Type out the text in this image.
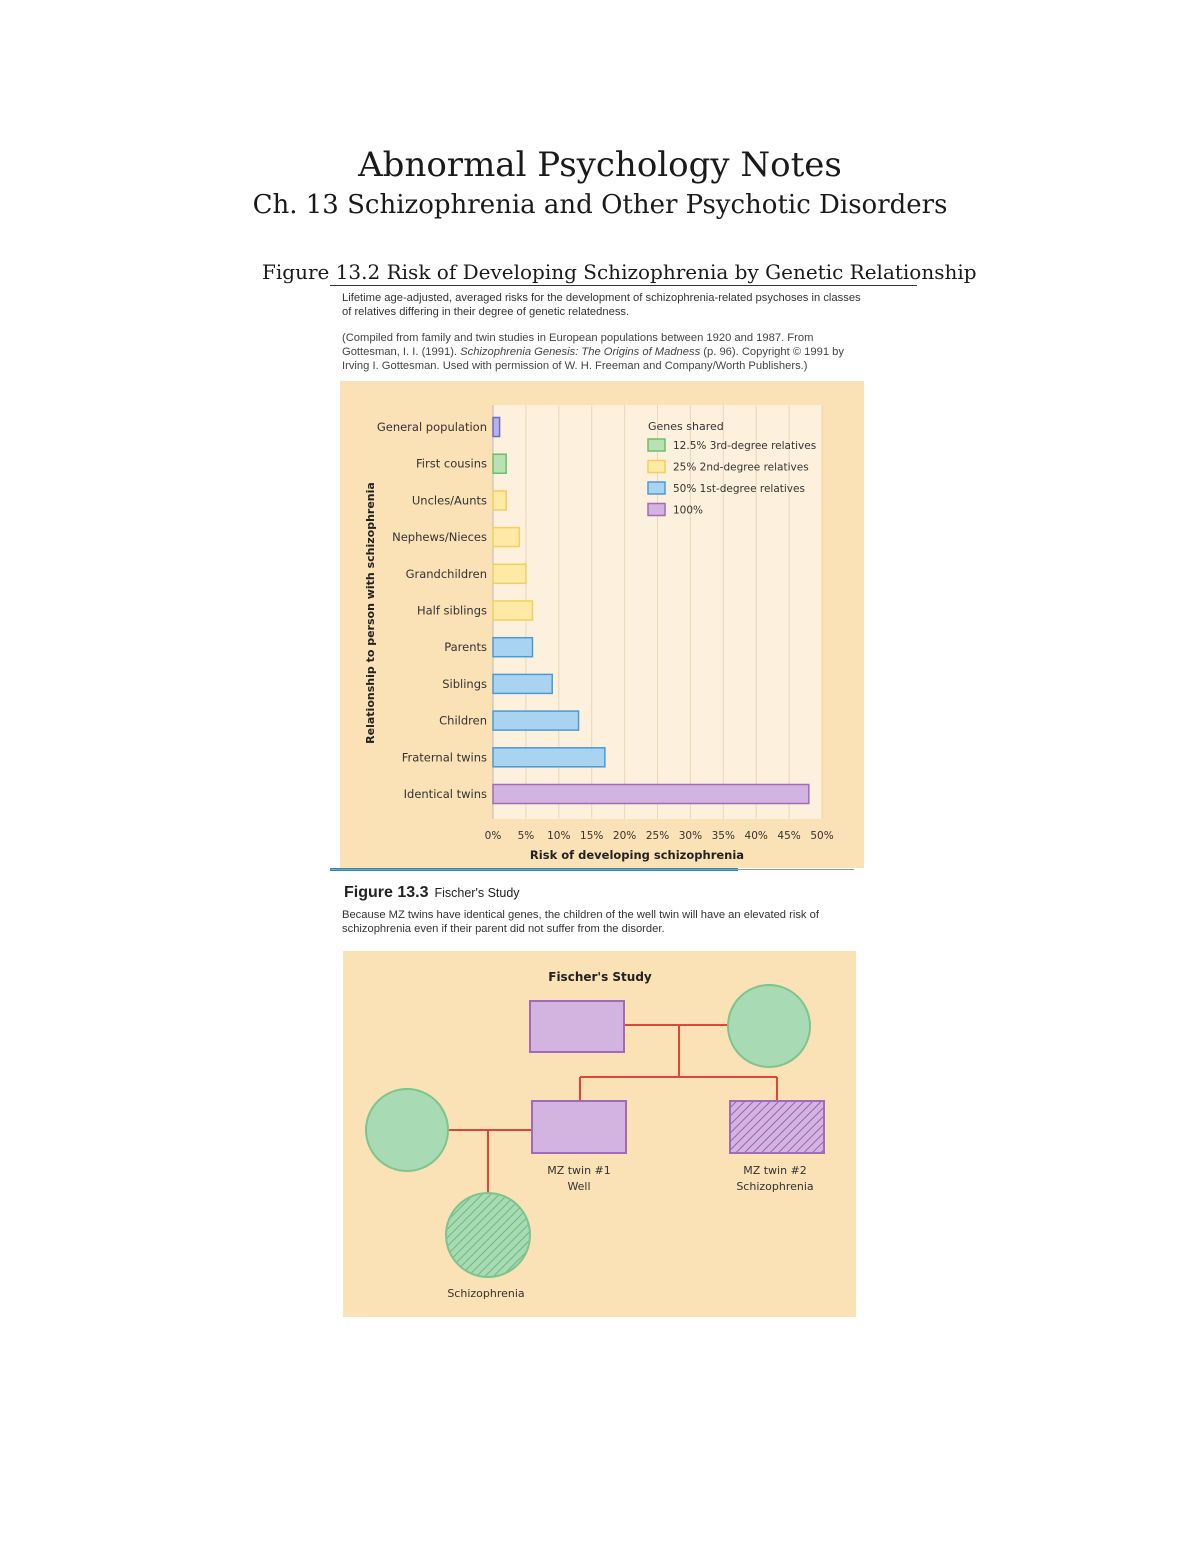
Abnormal Psychology Notes
Ch. 13 Schizophrenia and Other Psychotic Disorders
Figure 13.2 Risk of Developing Schizophrenia by Genetic Relationship
Lifetime age-adjusted, averaged risks for the development of schizophrenia-related psychoses in classes of relatives differing in their degree of genetic relatedness.
(Compiled from family and twin studies in European populations between 1920 and 1987. From Gottesman, I. I. (1991). Schizophrenia Genesis: The Origins of Madness (p. 96). Copyright © 1991 by Irving I. Gottesman. Used with permission of W. H. Freeman and Company/Worth Publishers.)
General population
First cousins
Uncles/Aunts
Nephews/Nieces
Grandchildren
Half siblings
Parents
Siblings
Children
Fraternal twins
Identical twins
0% 5% 10% 15% 20% 25% 30% 35% 40% 45% 50%
Risk of developing schizophrenia
Relationship to person with schizophrenia
Genes shared
12.5% 3rd-degree relatives
25% 2nd-degree relatives
50% 1st-degree relatives
100%
Figure 13.3 Fischer's Study
Because MZ twins have identical genes, the children of the well twin will have an elevated risk of schizophrenia even if their parent did not suffer from the disorder.
Fischer's Study
MZ twin #1
Well
MZ twin #2
Schizophrenia
Schizophrenia
